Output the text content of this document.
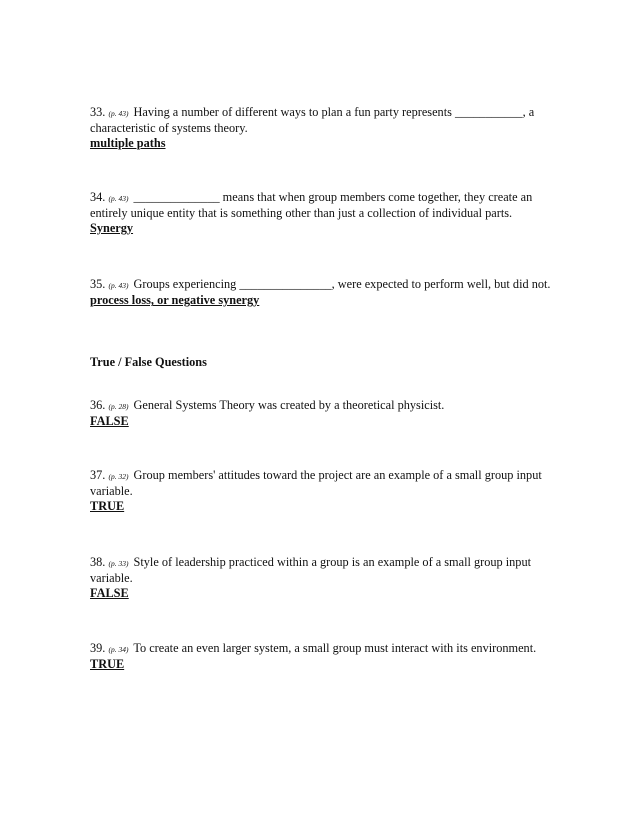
33. (p. 43) Having a number of different ways to plan a fun party represents ___________, a characteristic of systems theory.

multiple paths

34. (p. 43) ______________ means that when group members come together, they create an entirely unique entity that is something other than just a collection of individual parts.

Synergy

35. (p. 43) Groups experiencing _______________, were expected to perform well, but did not.

process loss, or negative synergy

True / False Questions

36. (p. 28) General Systems Theory was created by a theoretical physicist.

FALSE

37. (p. 32) Group members' attitudes toward the project are an example of a small group input variable.

TRUE

38. (p. 33) Style of leadership practiced within a group is an example of a small group input variable.

FALSE

39. (p. 34) To create an even larger system, a small group must interact with its environment.

TRUE
